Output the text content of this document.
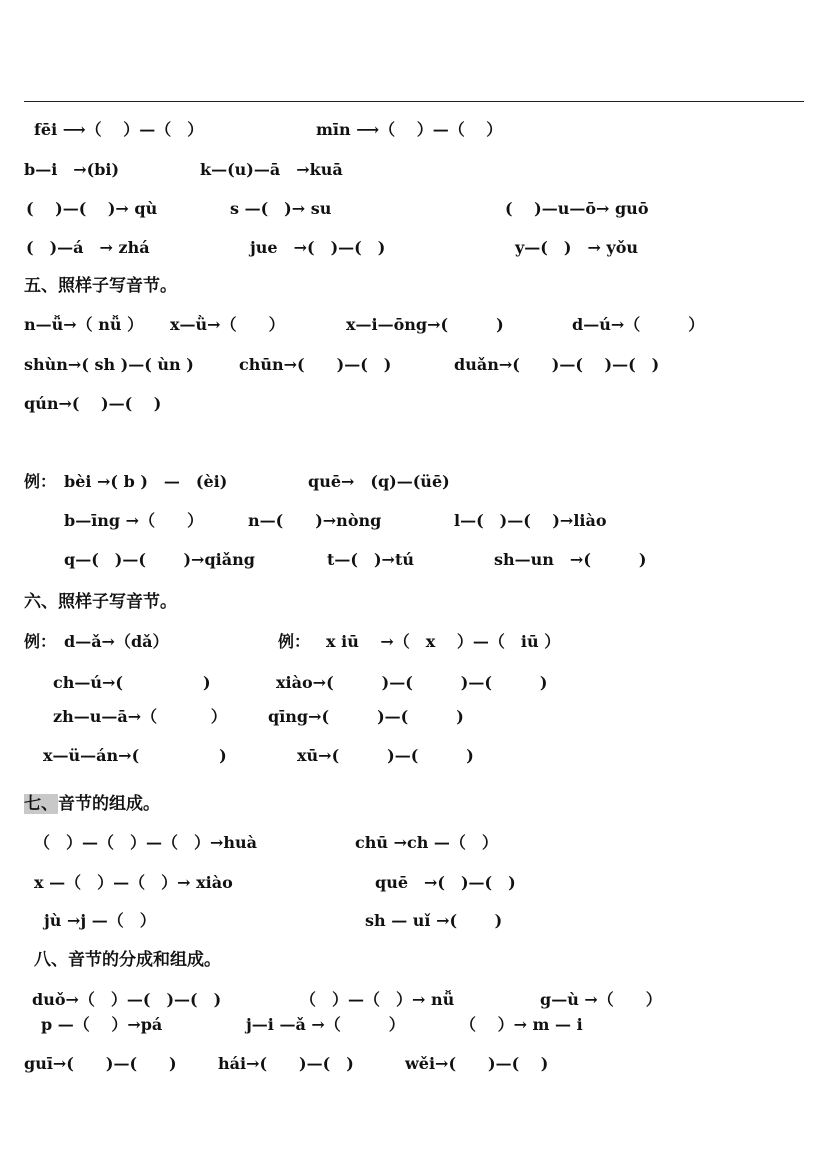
fēi ⟶（　 ）—（　）	mīn ⟶（　 ）—（　 ）
b—i　→(bi)	k—(u)—ā　→kuā
(　 )—(　 )→ qù	s —(　)→ su	(　 )—u—ō→ guō
(　)—á　→ zhá	jue　→(　)—(　)	y—(　)　→ yǒu
五、照样子写音节。
n—ǚ→（ nǚ ） x—ǜ→（　　）	x—i—ōng→(　　　)	d—ú→（　　　）
shùn→( sh )—( ùn )	chūn→(　　)—(　)	duǎn→(　　)—(　 )—(　)
qún→(　 )—(　 )
例： bèi →( b )　—　(èi)	quē→　(q)—(üē)
b—īng →（　　）	n—(　　)→nòng	l—(　)—(　 )→liào
q—(　)—(　　 )→qiǎng	t—(　)→tú	sh—un　→(　　　)
六、照样子写音节。
例： d—ǎ→（dǎ）	例： x iū　 →（　x　 ）—（　iū ）
ch—ú→(　　　　　)	xiào→(　　　)—(　　　)—(　　　)
zh—u—ā→（　　　 ）	qīng→(　　　)—(　　　)
x—ü—án→(　　　　　)	xū→(　　　)—(　　　)
七、音节的组成。
（　）—（　）—（　）→huà	chū →ch —（　）
x —（　）—（　）→ xiào	quē　→(　)—(　)
jù →j —（　）	sh — uǐ →(　　 )
八、音节的分成和组成。
duǒ→（　）—(　)—(　)	（　）—（　）→ nǚ	g—ù →（　　）
p —（　 ）→pá	j—i —ǎ →（　　　）	（　 ）→ m — i
guī→(　　)—(　　)	hái→(　　)—(　)	wěi→(　　)—(　 )
